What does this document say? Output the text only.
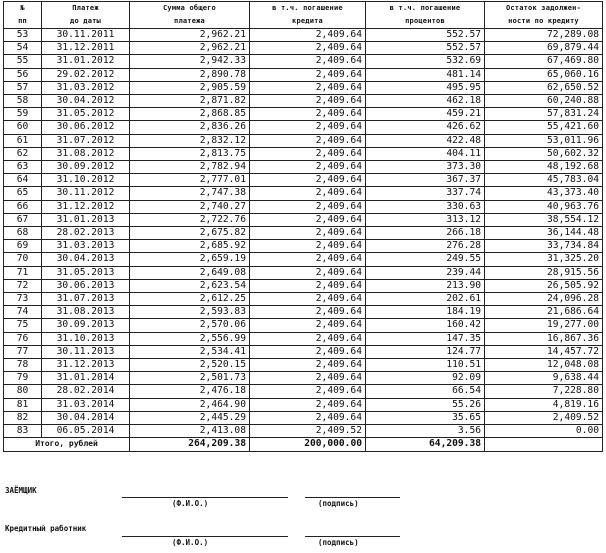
№	Платеж	Сумма общего	в т.ч. погашение	в т.ч. погашение	Остаток задолжен-
пп	до даты	платежа	кредита	процентов	ности по кредиту
53	30.11.2011	2,962.21	2,409.64	552.57	72,289.08
54	31.12.2011	2,962.21	2,409.64	552.57	69,879.44
55	31.01.2012	2,942.33	2,409.64	532.69	67,469.80
56	29.02.2012	2,890.78	2,409.64	481.14	65,060.16
57	31.03.2012	2,905.59	2,409.64	495.95	62,650.52
58	30.04.2012	2,871.82	2,409.64	462.18	60,240.88
59	31.05.2012	2,868.85	2,409.64	459.21	57,831.24
60	30.06.2012	2,836.26	2,409.64	426.62	55,421.60
61	31.07.2012	2,832.12	2,409.64	422.48	53,011.96
62	31.08.2012	2,813.75	2,409.64	404.11	50,602.32
63	30.09.2012	2,782.94	2,409.64	373.30	48,192.68
64	31.10.2012	2,777.01	2,409.64	367.37	45,783.04
65	30.11.2012	2,747.38	2,409.64	337.74	43,373.40
66	31.12.2012	2,740.27	2,409.64	330.63	40,963.76
67	31.01.2013	2,722.76	2,409.64	313.12	38,554.12
68	28.02.2013	2,675.82	2,409.64	266.18	36,144.48
69	31.03.2013	2,685.92	2,409.64	276.28	33,734.84
70	30.04.2013	2,659.19	2,409.64	249.55	31,325.20
71	31.05.2013	2,649.08	2,409.64	239.44	28,915.56
72	30.06.2013	2,623.54	2,409.64	213.90	26,505.92
73	31.07.2013	2,612.25	2,409.64	202.61	24,096.28
74	31.08.2013	2,593.83	2,409.64	184.19	21,686.64
75	30.09.2013	2,570.06	2,409.64	160.42	19,277.00
76	31.10.2013	2,556.99	2,409.64	147.35	16,867.36
77	30.11.2013	2,534.41	2,409.64	124.77	14,457.72
78	31.12.2013	2,520.15	2,409.64	110.51	12,048.08
79	31.01.2014	2,501.73	2,409.64	92.09	9,638.44
80	28.02.2014	2,476.18	2,409.64	66.54	7,228.80
81	31.03.2014	2,464.90	2,409.64	55.26	4,819.16
82	30.04.2014	2,445.29	2,409.64	35.65	2,409.52
83	06.05.2014	2,413.08	2,409.52	3.56	0.00
Итого, рублей		264,209.38	200,000.00	64,209.38	
ЗАЁМЩИК
(Ф.И.О.)	(подпись)
Кредитный работник
(Ф.И.О.)	(подпись)
